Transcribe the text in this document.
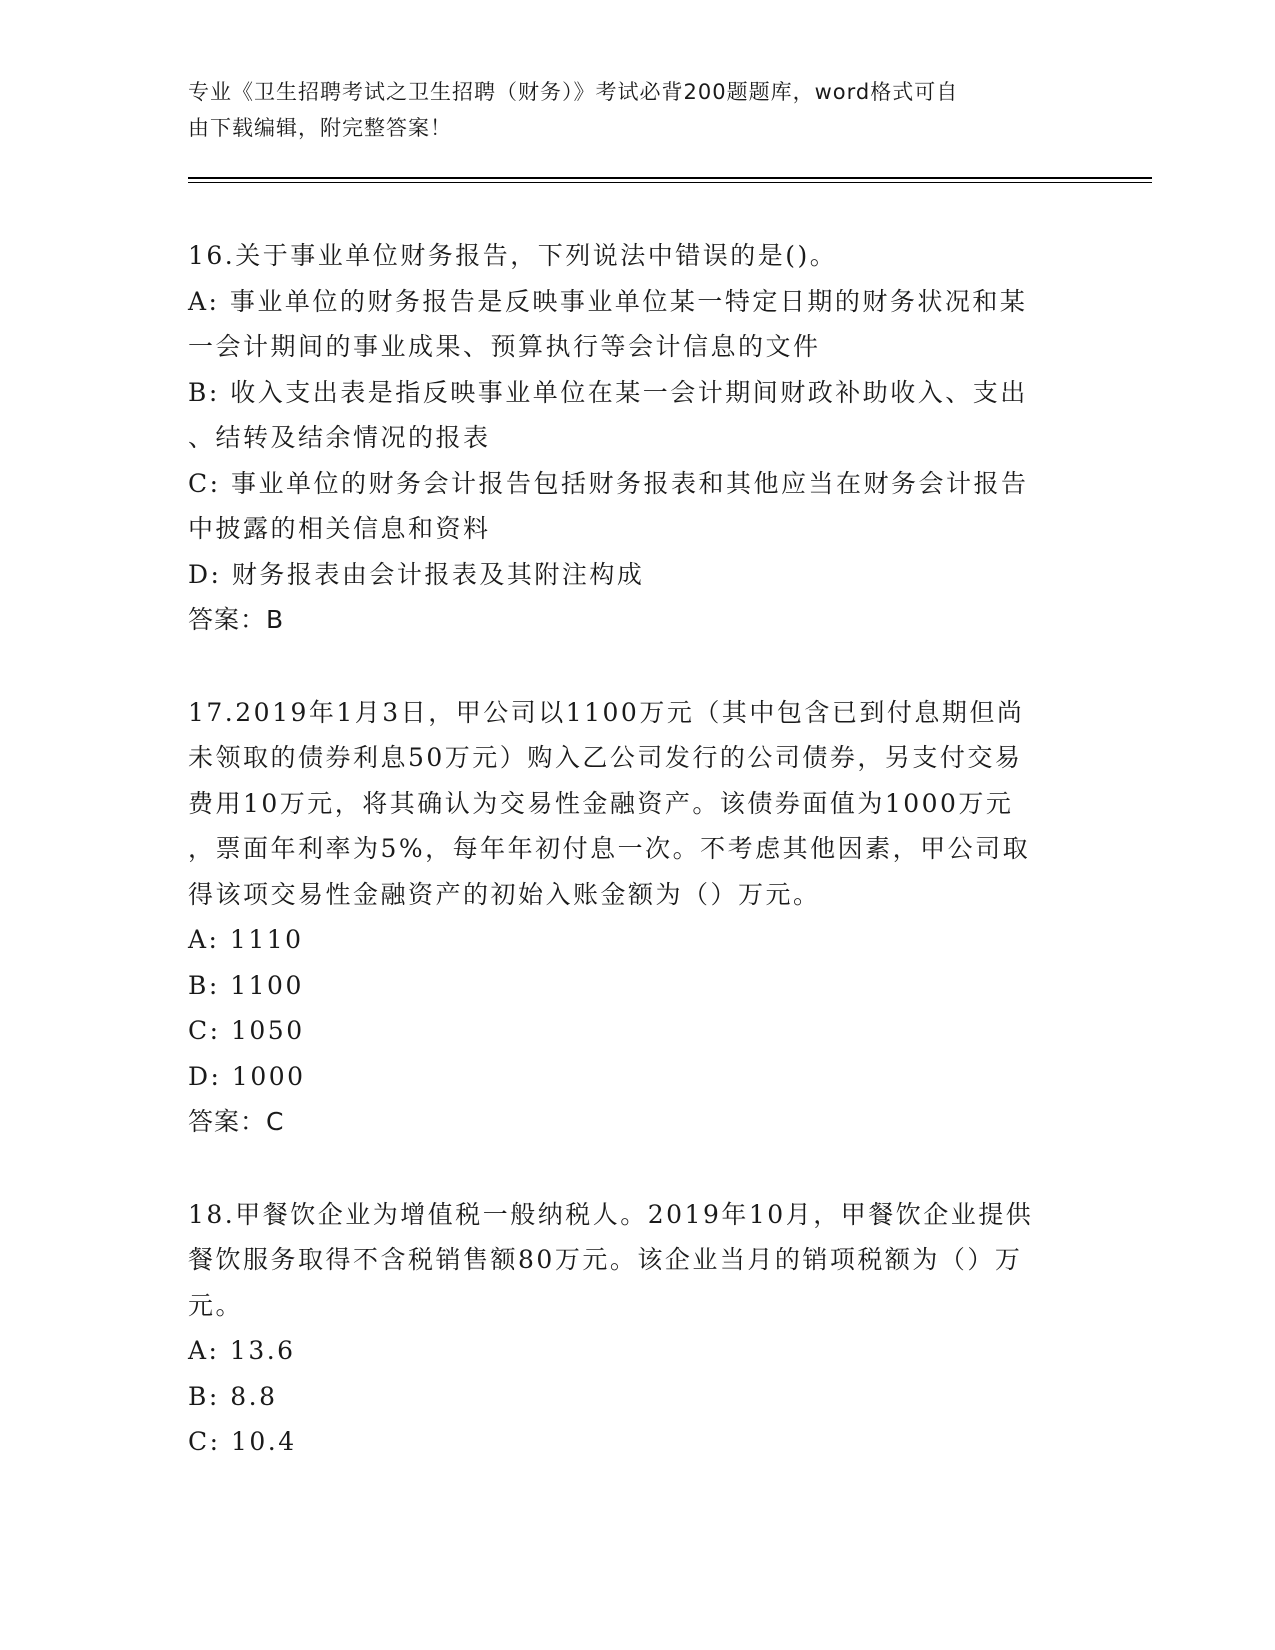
专业《卫生招聘考试之卫生招聘（财务）》考试必背200题题库，word格式可自
由下载编辑，附完整答案！
16.关于事业单位财务报告，下列说法中错误的是()。
A: 事业单位的财务报告是反映事业单位某一特定日期的财务状况和某
一会计期间的事业成果、预算执行等会计信息的文件
B: 收入支出表是指反映事业单位在某一会计期间财政补助收入、支出
、结转及结余情况的报表
C: 事业单位的财务会计报告包括财务报表和其他应当在财务会计报告
中披露的相关信息和资料
D: 财务报表由会计报表及其附注构成
答案：B
17.2019年1月3日，甲公司以1100万元（其中包含已到付息期但尚
未领取的债券利息50万元）购入乙公司发行的公司债券，另支付交易
费用10万元，将其确认为交易性金融资产。该债券面值为1000万元
，票面年利率为5%，每年年初付息一次。不考虑其他因素，甲公司取
得该项交易性金融资产的初始入账金额为（）万元。
A: 1110
B: 1100
C: 1050
D: 1000
答案：C
18.甲餐饮企业为增值税一般纳税人。2019年10月，甲餐饮企业提供
餐饮服务取得不含税销售额80万元。该企业当月的销项税额为（）万
元。
A: 13.6
B: 8.8
C: 10.4
